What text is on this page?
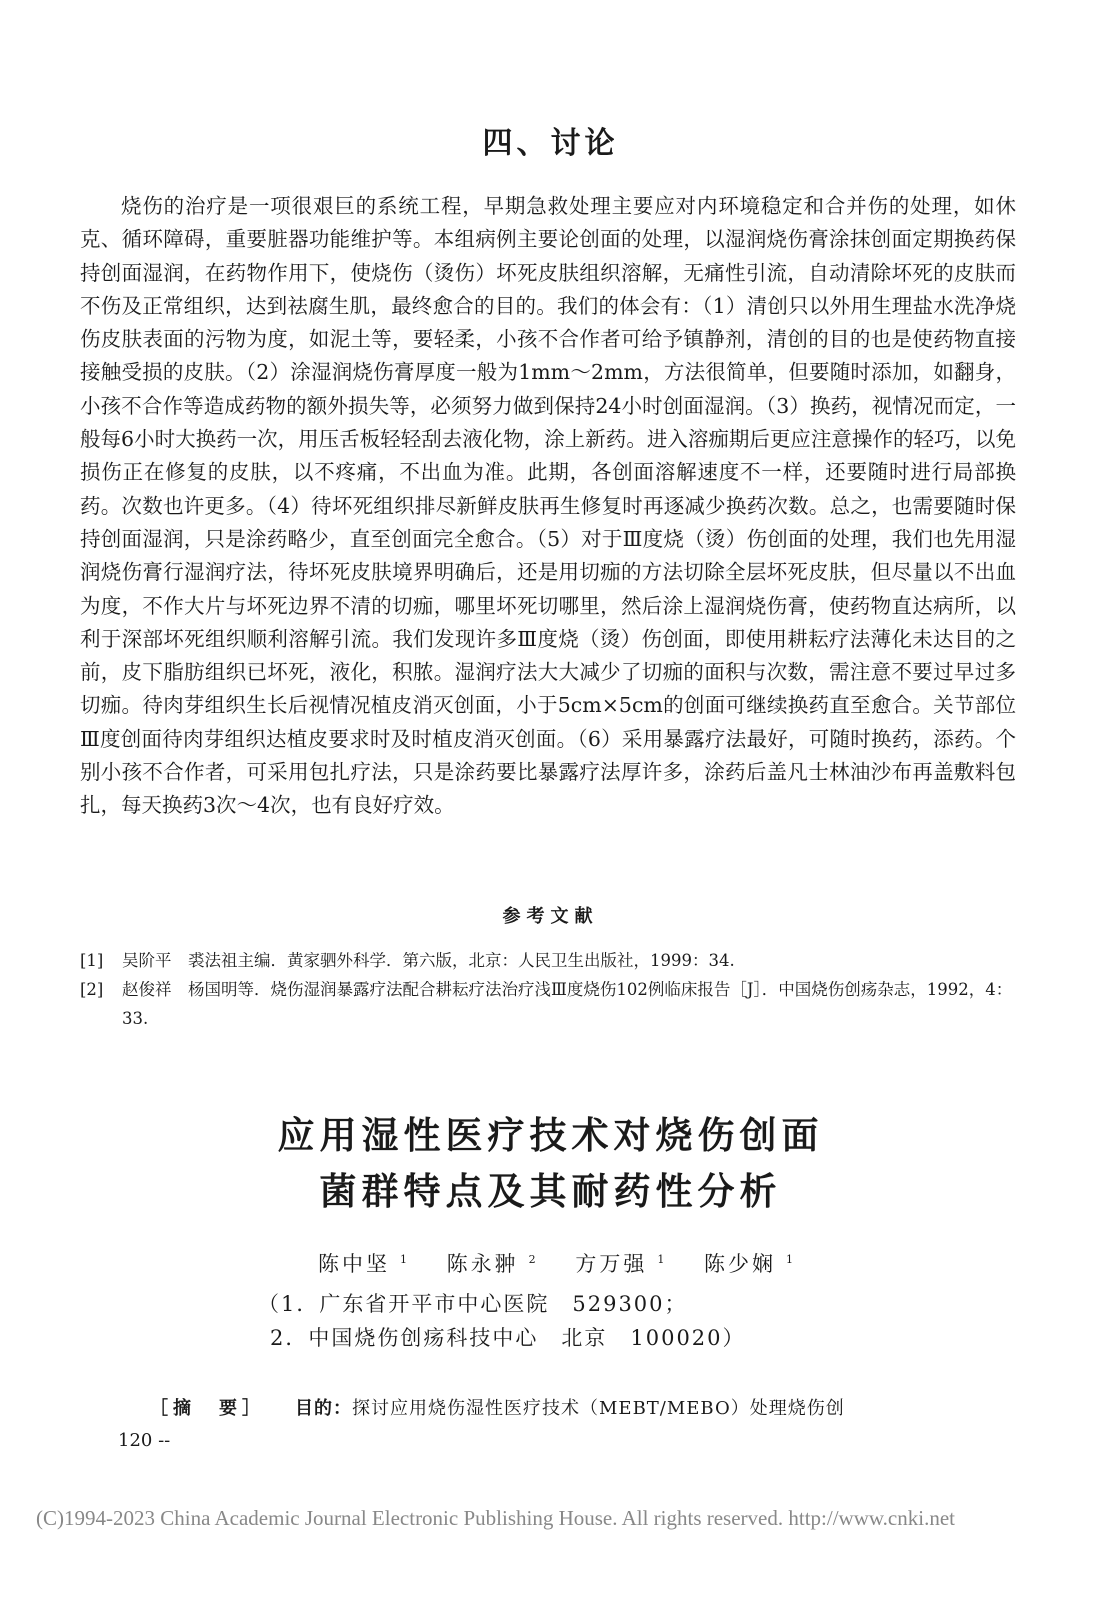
四、讨论

烧伤的治疗是一项很艰巨的系统工程，早期急救处理主要应对内环境稳定和合并伤的处理，如休克、循环障碍，重要脏器功能维护等。本组病例主要论创面的处理，以湿润烧伤膏涂抹创面定期换药保持创面湿润，在药物作用下，使烧伤（烫伤）坏死皮肤组织溶解，无痛性引流，自动清除坏死的皮肤而不伤及正常组织，达到祛腐生肌，最终愈合的目的。我们的体会有：（1）清创只以外用生理盐水洗净烧伤皮肤表面的污物为度，如泥土等，要轻柔，小孩不合作者可给予镇静剂，清创的目的也是使药物直接接触受损的皮肤。（2）涂湿润烧伤膏厚度一般为1mm～2mm，方法很简单，但要随时添加，如翻身，小孩不合作等造成药物的额外损失等，必须努力做到保持24小时创面湿润。（3）换药，视情况而定，一般每6小时大换药一次，用压舌板轻轻刮去液化物，涂上新药。进入溶痂期后更应注意操作的轻巧，以免损伤正在修复的皮肤，以不疼痛，不出血为准。此期，各创面溶解速度不一样，还要随时进行局部换药。次数也许更多。（4）待坏死组织排尽新鲜皮肤再生修复时再逐减少换药次数。总之，也需要随时保持创面湿润，只是涂药略少，直至创面完全愈合。（5）对于Ⅲ度烧（烫）伤创面的处理，我们也先用湿润烧伤膏行湿润疗法，待坏死皮肤境界明确后，还是用切痂的方法切除全层坏死皮肤，但尽量以不出血为度，不作大片与坏死边界不清的切痂，哪里坏死切哪里，然后涂上湿润烧伤膏，使药物直达病所，以利于深部坏死组织顺利溶解引流。我们发现许多Ⅲ度烧（烫）伤创面，即使用耕耘疗法薄化未达目的之前，皮下脂肪组织已坏死，液化，积脓。湿润疗法大大减少了切痂的面积与次数，需注意不要过早过多切痂。待肉芽组织生长后视情况植皮消灭创面，小于5cm×5cm的创面可继续换药直至愈合。关节部位Ⅲ度创面待肉芽组织达植皮要求时及时植皮消灭创面。（6）采用暴露疗法最好，可随时换药，添药。个别小孩不合作者，可采用包扎疗法，只是涂药要比暴露疗法厚许多，涂药后盖凡士林油沙布再盖敷料包扎，每天换药3次～4次，也有良好疗效。

参考文献
[1]	吴阶平　裘法祖主编．黄家驷外科学．第六版，北京：人民卫生出版社，1999：34.
[2]	赵俊祥　杨国明等．烧伤湿润暴露疗法配合耕耘疗法治疗浅Ⅲ度烧伤102例临床报告［J］．中国烧伤创疡杂志，1992，4：33.
应用湿性医疗技术对烧伤创面
菌群特点及其耐药性分析
陈中坚 $^1$ 陈永翀 $^2$ 方万强 $^1$ 陈少娴 $^1$
（1．广东省开平市中心医院　529300；
2．中国烧伤创疡科技中心　北京　100020）
［摘　要］ 目的：探讨应用烧伤湿性医疗技术（MEBT/MEBO）处理烧伤创
120 --
(C)1994-2023 China Academic Journal Electronic Publishing House. All rights reserved. http://www.cnki.net
